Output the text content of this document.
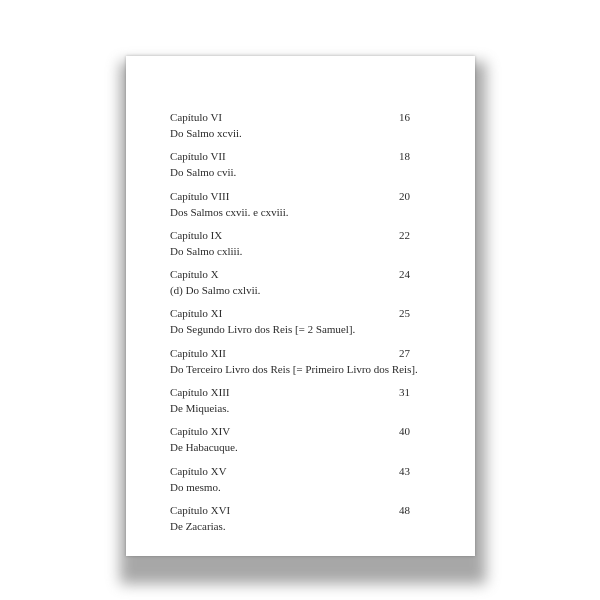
Capítulo VI	16
Do Salmo xcvii.
Capítulo VII	18
Do Salmo cvii.
Capítulo VIII	20
Dos Salmos cxvii. e cxviii.
Capítulo IX	22
Do Salmo cxliii.
Capítulo X	24
(d) Do Salmo cxlvii.
Capítulo XI	25
Do Segundo Livro dos Reis [= 2 Samuel].
Capítulo XII	27
Do Terceiro Livro dos Reis [= Primeiro Livro dos Reis].
Capítulo XIII	31
De Miqueias.
Capítulo XIV	40
De Habacuque.
Capítulo XV	43
Do mesmo.
Capítulo XVI	48
De Zacarias.
